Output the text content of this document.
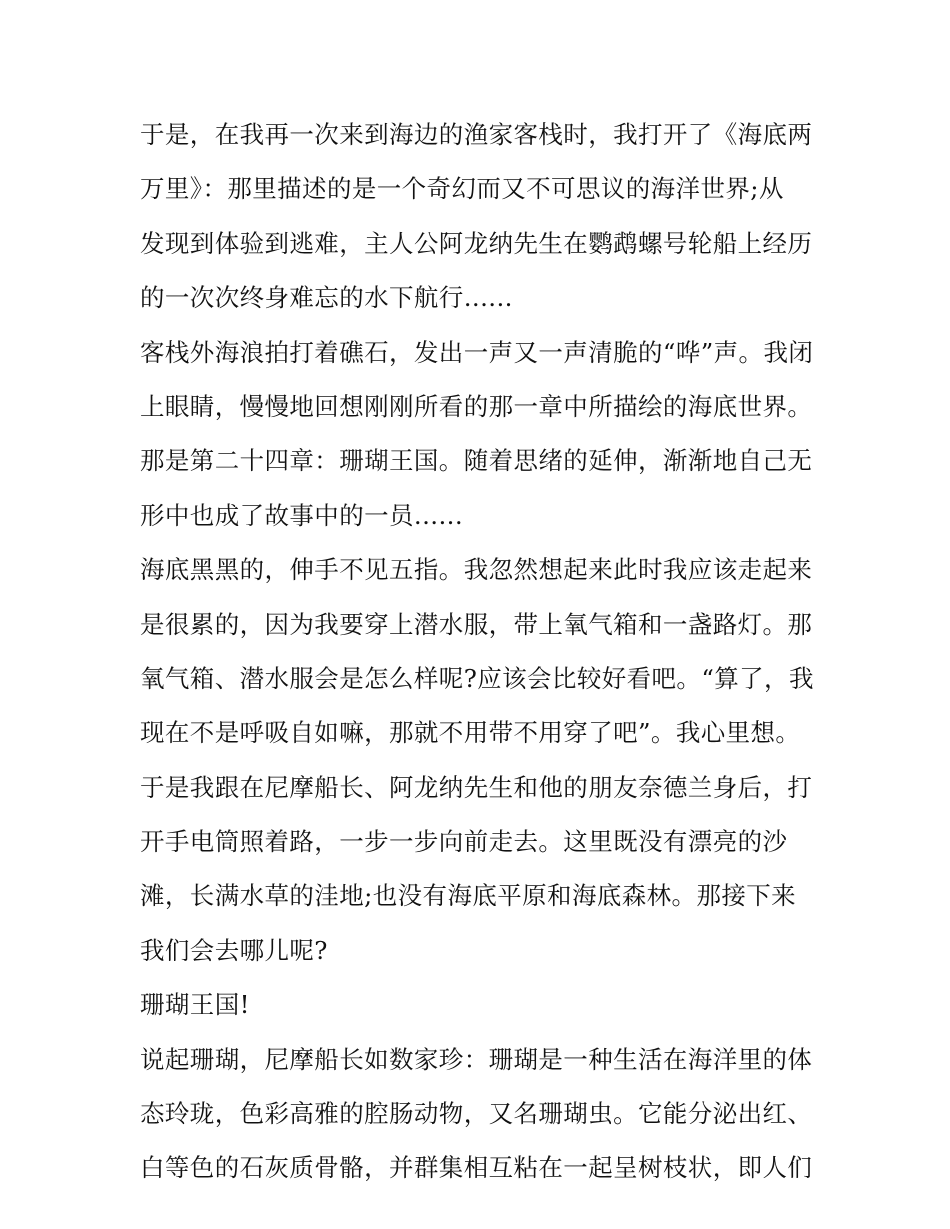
于是，在我再一次来到海边的渔家客栈时，我打开了《海底两
万里》：那里描述的是一个奇幻而又不可思议的海洋世界;从
发现到体验到逃难，主人公阿龙纳先生在鹦鹉螺号轮船上经历
的一次次终身难忘的水下航行......
客栈外海浪拍打着礁石，发出一声又一声清脆的“哗”声。我闭
上眼睛，慢慢地回想刚刚所看的那一章中所描绘的海底世界。
那是第二十四章：珊瑚王国。随着思绪的延伸，渐渐地自己无
形中也成了故事中的一员......
海底黑黑的，伸手不见五指。我忽然想起来此时我应该走起来
是很累的，因为我要穿上潜水服，带上氧气箱和一盏路灯。那
氧气箱、潜水服会是怎么样呢?应该会比较好看吧。“算了，我
现在不是呼吸自如嘛，那就不用带不用穿了吧”。我心里想。
于是我跟在尼摩船长、阿龙纳先生和他的朋友奈德兰身后，打
开手电筒照着路，一步一步向前走去。这里既没有漂亮的沙
滩，长满水草的洼地;也没有海底平原和海底森林。那接下来
我们会去哪儿呢?
珊瑚王国!
说起珊瑚，尼摩船长如数家珍：珊瑚是一种生活在海洋里的体
态玲珑，色彩高雅的腔肠动物，又名珊瑚虫。它能分泌出红、
白等色的石灰质骨骼，并群集相互粘在一起呈树枝状，即人们
